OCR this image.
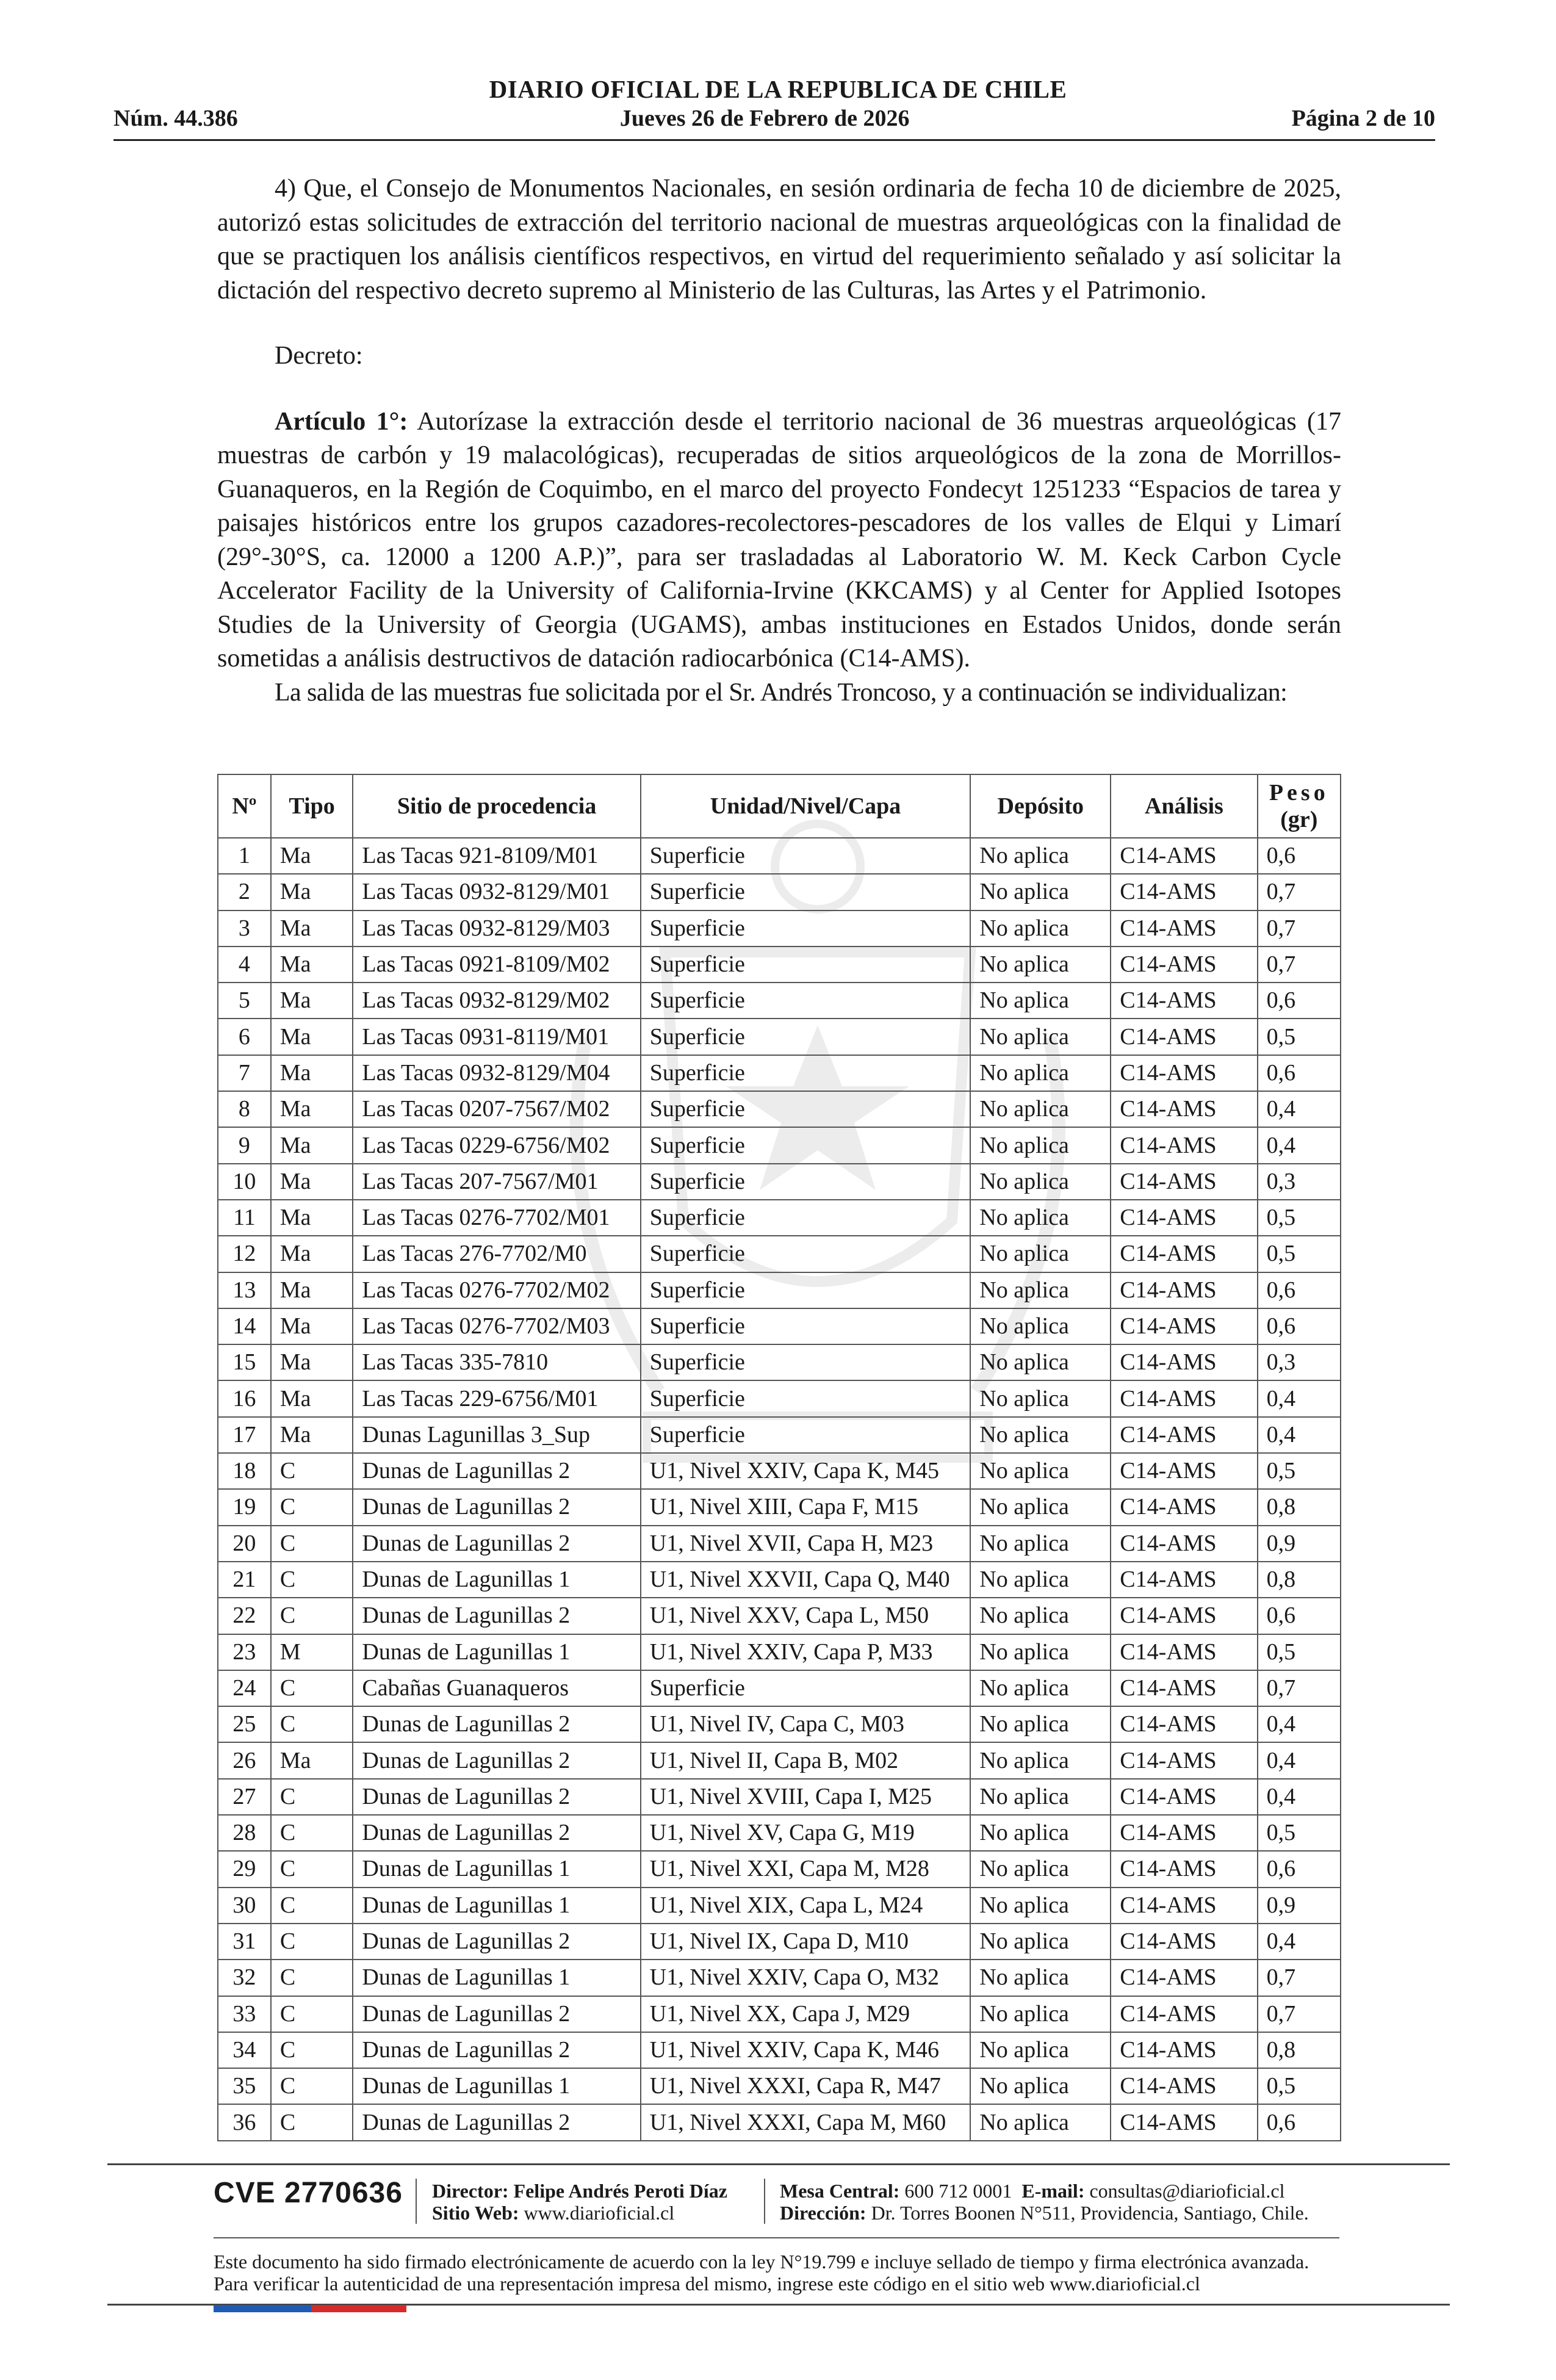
DIARIO OFICIAL DE LA REPUBLICA DE CHILE
Núm. 44.386	Jueves 26 de Febrero de 2026	Página 2 de 10

4) Que, el Consejo de Monumentos Nacionales, en sesión ordinaria de fecha 10 de diciembre de 2025, autorizó estas solicitudes de extracción del territorio nacional de muestras arqueológicas con la finalidad de que se practiquen los análisis científicos respectivos, en virtud del requerimiento señalado y así solicitar la dictación del respectivo decreto supremo al Ministerio de las Culturas, las Artes y el Patrimonio.

Decreto:

Artículo 1°: Autorízase la extracción desde el territorio nacional de 36 muestras arqueológicas (17 muestras de carbón y 19 malacológicas), recuperadas de sitios arqueológicos de la zona de Morrillos-Guanaqueros, en la Región de Coquimbo, en el marco del proyecto Fondecyt 1251233 “Espacios de tarea y paisajes históricos entre los grupos cazadores-recolectores-pescadores de los valles de Elqui y Limarí (29°-30°S, ca. 12000 a 1200 A.P.)”, para ser trasladadas al Laboratorio W. M. Keck Carbon Cycle Accelerator Facility de la University of California-Irvine (KKCAMS) y al Center for Applied Isotopes Studies de la University of Georgia (UGAMS), ambas instituciones en Estados Unidos, donde serán sometidas a análisis destructivos de datación radiocarbónica (C14-AMS).

La salida de las muestras fue solicitada por el Sr. Andrés Troncoso, y a continuación se individualizan:

Nº	Tipo	Sitio de procedencia	Unidad/Nivel/Capa	Depósito	Análisis	Peso
(gr)
1	Ma	Las Tacas 921-8109/M01	Superficie	No aplica	C14-AMS	0,6
2	Ma	Las Tacas 0932-8129/M01	Superficie	No aplica	C14-AMS	0,7
3	Ma	Las Tacas 0932-8129/M03	Superficie	No aplica	C14-AMS	0,7
4	Ma	Las Tacas 0921-8109/M02	Superficie	No aplica	C14-AMS	0,7
5	Ma	Las Tacas 0932-8129/M02	Superficie	No aplica	C14-AMS	0,6
6	Ma	Las Tacas 0931-8119/M01	Superficie	No aplica	C14-AMS	0,5
7	Ma	Las Tacas 0932-8129/M04	Superficie	No aplica	C14-AMS	0,6
8	Ma	Las Tacas 0207-7567/M02	Superficie	No aplica	C14-AMS	0,4
9	Ma	Las Tacas 0229-6756/M02	Superficie	No aplica	C14-AMS	0,4
10	Ma	Las Tacas 207-7567/M01	Superficie	No aplica	C14-AMS	0,3
11	Ma	Las Tacas 0276-7702/M01	Superficie	No aplica	C14-AMS	0,5
12	Ma	Las Tacas 276-7702/M0	Superficie	No aplica	C14-AMS	0,5
13	Ma	Las Tacas 0276-7702/M02	Superficie	No aplica	C14-AMS	0,6
14	Ma	Las Tacas 0276-7702/M03	Superficie	No aplica	C14-AMS	0,6
15	Ma	Las Tacas 335-7810	Superficie	No aplica	C14-AMS	0,3
16	Ma	Las Tacas 229-6756/M01	Superficie	No aplica	C14-AMS	0,4
17	Ma	Dunas Lagunillas 3_Sup	Superficie	No aplica	C14-AMS	0,4
18	C	Dunas de Lagunillas 2	U1, Nivel XXIV, Capa K, M45	No aplica	C14-AMS	0,5
19	C	Dunas de Lagunillas 2	U1, Nivel XIII, Capa F, M15	No aplica	C14-AMS	0,8
20	C	Dunas de Lagunillas 2	U1, Nivel XVII, Capa H, M23	No aplica	C14-AMS	0,9
21	C	Dunas de Lagunillas 1	U1, Nivel XXVII, Capa Q, M40	No aplica	C14-AMS	0,8
22	C	Dunas de Lagunillas 2	U1, Nivel XXV, Capa L, M50	No aplica	C14-AMS	0,6
23	M	Dunas de Lagunillas 1	U1, Nivel XXIV, Capa P, M33	No aplica	C14-AMS	0,5
24	C	Cabañas Guanaqueros	Superficie	No aplica	C14-AMS	0,7
25	C	Dunas de Lagunillas 2	U1, Nivel IV, Capa C, M03	No aplica	C14-AMS	0,4
26	Ma	Dunas de Lagunillas 2	U1, Nivel II, Capa B, M02	No aplica	C14-AMS	0,4
27	C	Dunas de Lagunillas 2	U1, Nivel XVIII, Capa I, M25	No aplica	C14-AMS	0,4
28	C	Dunas de Lagunillas 2	U1, Nivel XV, Capa G, M19	No aplica	C14-AMS	0,5
29	C	Dunas de Lagunillas 1	U1, Nivel XXI, Capa M, M28	No aplica	C14-AMS	0,6
30	C	Dunas de Lagunillas 1	U1, Nivel XIX, Capa L, M24	No aplica	C14-AMS	0,9
31	C	Dunas de Lagunillas 2	U1, Nivel IX, Capa D, M10	No aplica	C14-AMS	0,4
32	C	Dunas de Lagunillas 1	U1, Nivel XXIV, Capa O, M32	No aplica	C14-AMS	0,7
33	C	Dunas de Lagunillas 2	U1, Nivel XX, Capa J, M29	No aplica	C14-AMS	0,7
34	C	Dunas de Lagunillas 2	U1, Nivel XXIV, Capa K, M46	No aplica	C14-AMS	0,8
35	C	Dunas de Lagunillas 1	U1, Nivel XXXI, Capa R, M47	No aplica	C14-AMS	0,5
36	C	Dunas de Lagunillas 2	U1, Nivel XXXI, Capa M, M60	No aplica	C14-AMS	0,6
CVE 2770636 Director: Felipe Andrés Peroti Díaz
Sitio Web: www.diarioficial.cl
Mesa Central: 600 712 0001 E-mail: consultas@diarioficial.cl
Dirección: Dr. Torres Boonen N°511, Providencia, Santiago, Chile.
Este documento ha sido firmado electrónicamente de acuerdo con la ley N°19.799 e incluye sellado de tiempo y firma electrónica avanzada. Para verificar la autenticidad de una representación impresa del mismo, ingrese este código en el sitio web www.diarioficial.cl
